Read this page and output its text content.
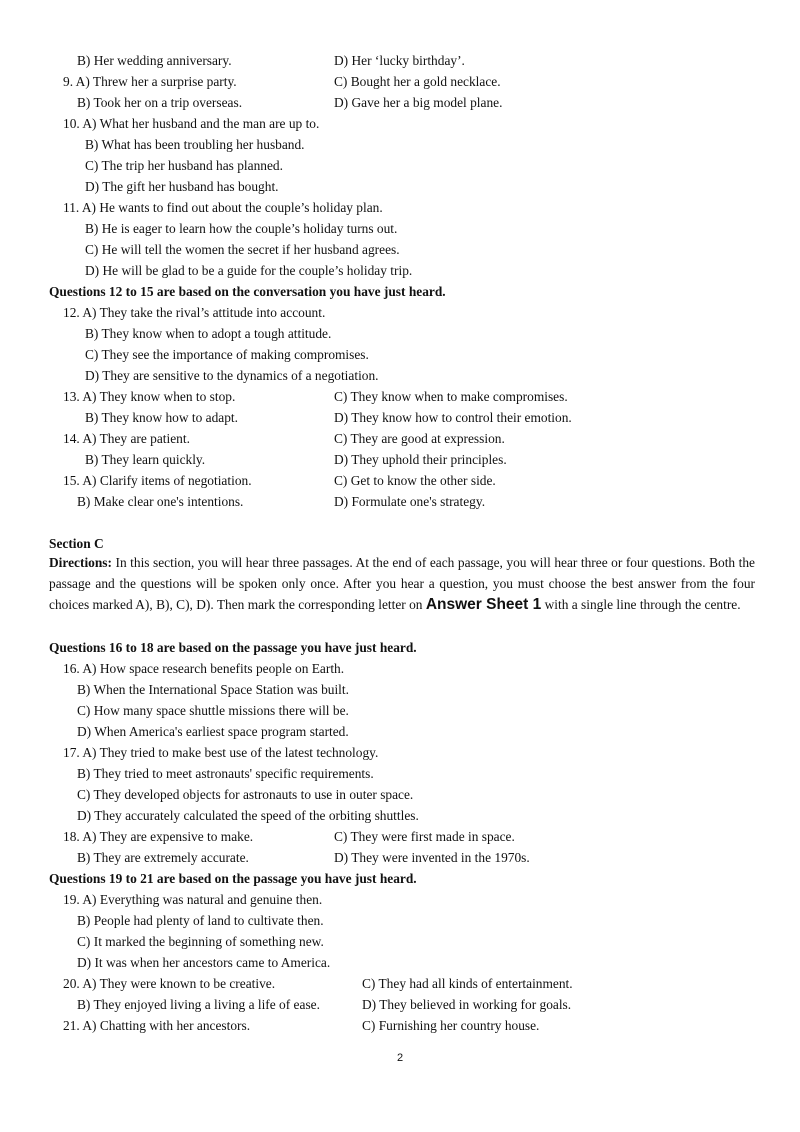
B) Her wedding anniversary.	D) Her ‘lucky birthday’.
9. A) Threw her a surprise party.	C) Bought her a gold necklace.
B) Took her on a trip overseas.	D) Gave her a big model plane.
10. A) What her husband and the man are up to.
B) What has been troubling her husband.
C) The trip her husband has planned.
D) The gift her husband has bought.
11. A) He wants to find out about the couple’s holiday plan.
B) He is eager to learn how the couple’s holiday turns out.
C) He will tell the women the secret if her husband agrees.
D) He will be glad to be a guide for the couple’s holiday trip.
Questions 12 to 15 are based on the conversation you have just heard.
12. A) They take the rival’s attitude into account.
B) They know when to adopt a tough attitude.
C) They see the importance of making compromises.
D) They are sensitive to the dynamics of a negotiation.
13. A) They know when to stop.	C) They know when to make compromises.
B) They know how to adapt.	D) They know how to control their emotion.
14. A) They are patient.	C) They are good at expression.
B) They learn quickly.	D) They uphold their principles.
15. A) Clarify items of negotiation.	C) Get to know the other side.
B) Make clear one's intentions.	D) Formulate one's strategy.
Section C
Directions: In this section, you will hear three passages. At the end of each passage, you will hear three or four questions. Both the passage and the questions will be spoken only once. After you hear a question, you must choose the best answer from the four choices marked A), B), C), D). Then mark the corresponding letter on Answer Sheet 1 with a single line through the centre.
Questions 16 to 18 are based on the passage you have just heard.
16. A) How space research benefits people on Earth.
B) When the International Space Station was built.
C) How many space shuttle missions there will be.
D) When America's earliest space program started.
17. A) They tried to make best use of the latest technology.
B) They tried to meet astronauts' specific requirements.
C) They developed objects for astronauts to use in outer space.
D) They accurately calculated the speed of the orbiting shuttles.
18. A) They are expensive to make.	C) They were first made in space.
B) They are extremely accurate.	D) They were invented in the 1970s.
Questions 19 to 21 are based on the passage you have just heard.
19. A) Everything was natural and genuine then.
B) People had plenty of land to cultivate then.
C) It marked the beginning of something new.
D) It was when her ancestors came to America.
20. A) They were known to be creative.	C) They had all kinds of entertainment.
B) They enjoyed living a living a life of ease.	D) They believed in working for goals.
21. A) Chatting with her ancestors.	C) Furnishing her country house.
2
